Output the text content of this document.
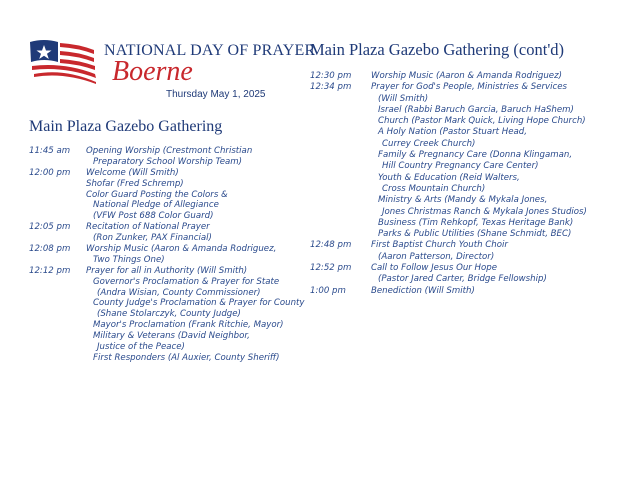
NATIONAL DAY OF PRAYER
Boerne
Thursday May 1, 2025
Main Plaza Gazebo Gathering
11:45 am	Opening Worship (Crestmont Christian
Preparatory School Worship Team)
12:00 pm	Welcome (Will Smith)
Shofar (Fred Schremp)
Color Guard Posting the Colors &
National Pledge of Allegiance
(VFW Post 688 Color Guard)
12:05 pm	Recitation of National Prayer
(Ron Zunker, PAX Financial)
12:08 pm	Worship Music (Aaron & Amanda Rodriguez,
Two Things One)
12:12 pm	Prayer for all in Authority (Will Smith)
Governor's Proclamation & Prayer for State
(Andra Wisian, County Commissioner)
County Judge's Proclamation & Prayer for County
(Shane Stolarczyk, County Judge)
Mayor's Proclamation (Frank Ritchie, Mayor)
Military & Veterans (David Neighbor,
Justice of the Peace)
First Responders (Al Auxier, County Sheriff)
Main Plaza Gazebo Gathering (cont'd)
12:30 pm	Worship Music (Aaron & Amanda Rodriguez)
12:34 pm	Prayer for God's People, Ministries & Services
(Will Smith)
Israel (Rabbi Baruch Garcia, Baruch HaShem)
Church (Pastor Mark Quick, Living Hope Church)
A Holy Nation (Pastor Stuart Head,
Currey Creek Church)
Family & Pregnancy Care (Donna Klingaman,
Hill Country Pregnancy Care Center)
Youth & Education (Reid Walters,
Cross Mountain Church)
Ministry & Arts (Mandy & Mykala Jones,
Jones Christmas Ranch & Mykala Jones Studios)
Business (Tim Rehkopf, Texas Heritage Bank)
Parks & Public Utilities (Shane Schmidt, BEC)
12:48 pm	First Baptist Church Youth Choir
(Aaron Patterson, Director)
12:52 pm	Call to Follow Jesus Our Hope
(Pastor Jared Carter, Bridge Fellowship)
1:00 pm	Benediction (Will Smith)
